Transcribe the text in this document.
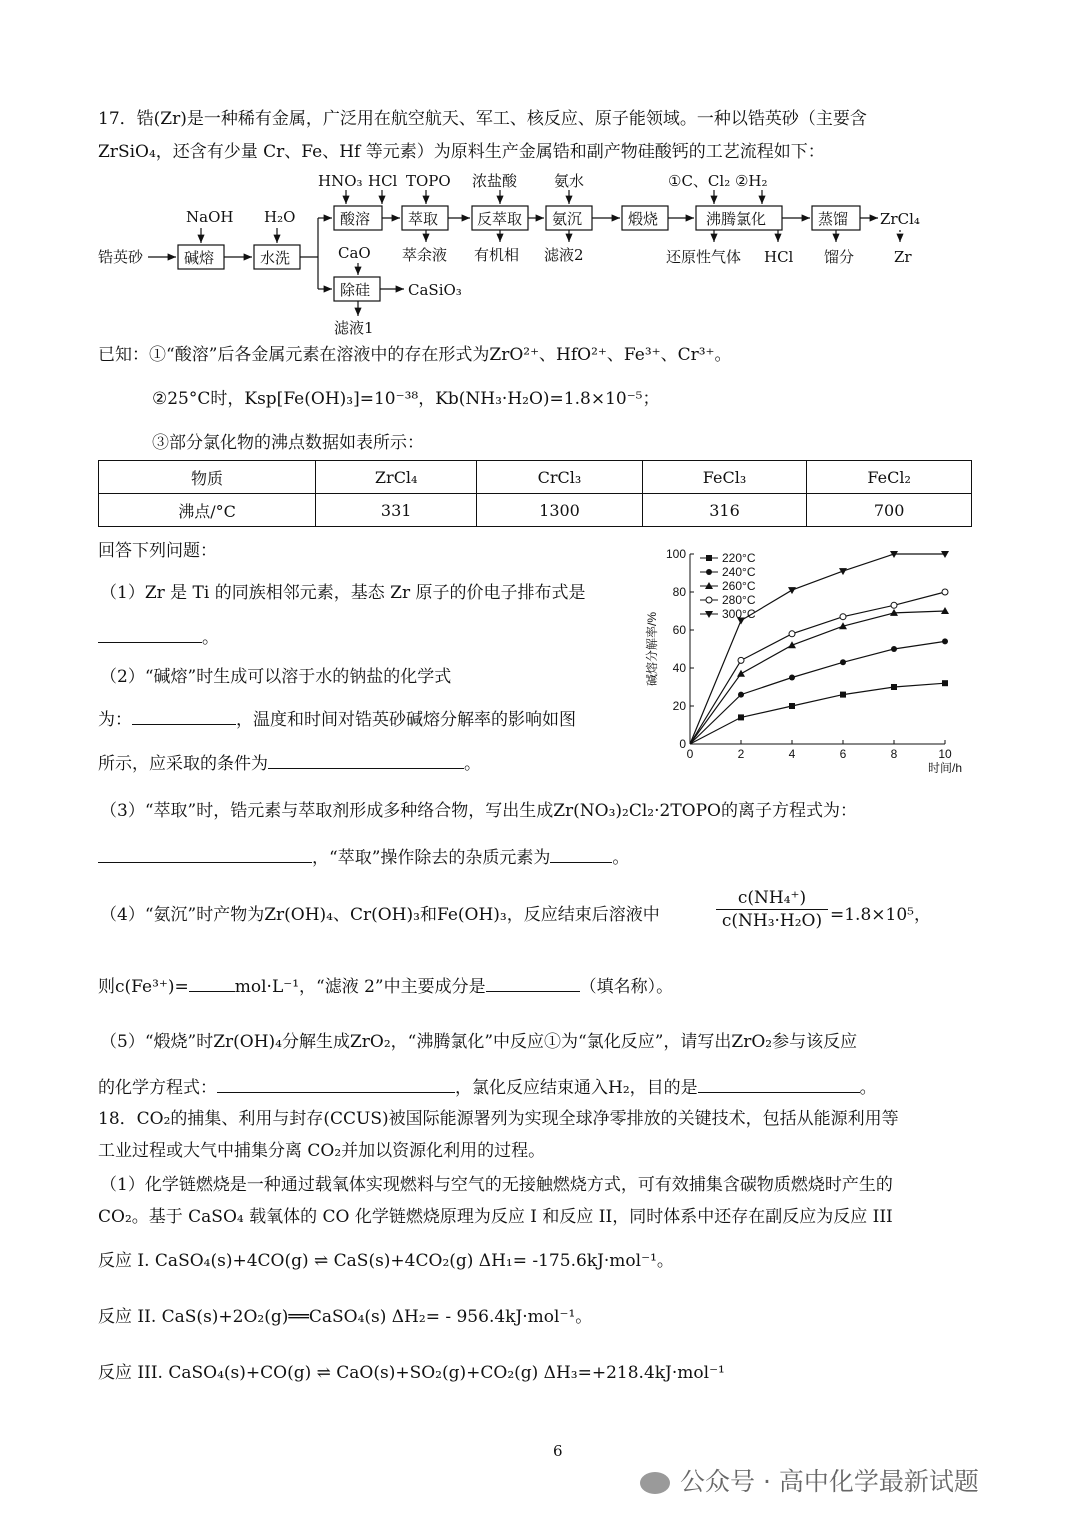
17．锆(Zr)是一种稀有金属，广泛用在航空航天、军工、核反应、原子能领域。一种以锆英砂（主要含
ZrSiO₄，还含有少量 Cr、Fe、Hf 等元素）为原料生产金属锆和副产物硅酸钙的工艺流程如下：
锆英砂	碱熔
NaOH
水洗
H₂O	酸溶
HNO₃ HCl
萃取
TOPO
萃余液
反萃取
浓盐酸
有机相
氨沉
氨水
滤液2
煅烧	沸腾氯化
①C、Cl₂ ②H₂
还原性气体 HCl
蒸馏
馏分
ZrCl₄
Zr
CaO
除硅	CaSiO₃
滤液1
已知：①“酸溶”后各金属元素在溶液中的存在形式为ZrO²⁺、HfO²⁺、Fe³⁺、Cr³⁺。
②25°C时，Ksp[Fe(OH)₃]=10⁻³⁸，Kb(NH₃·H₂O)=1.8×10⁻⁵；
③部分氯化物的沸点数据如表所示：
物质	ZrCl₄	CrCl₃	FeCl₃	FeCl₂
沸点/°C	331	1300	316	700
回答下列问题：
（1）Zr 是 Ti 的同族相邻元素，基态 Zr 原子的价电子排布式是
。
（2）“碱熔”时生成可以溶于水的钠盐的化学式
为：	，温度和时间对锆英砂碱熔分解率的影响如图
所示，应采取的条件为	。	0	2	4	6	8	10
0
20
40
60
80
100
时间/h
碱熔分解率/%
220°C
240°C
260°C
280°C
300°C
（3）“萃取”时，锆元素与萃取剂形成多种络合物，写出生成Zr(NO₃)₂Cl₂·2TOPO的离子方程式为：
，“萃取”操作除去的杂质元素为	。
（4）“氨沉”时产物为Zr(OH)₄、Cr(OH)₃和Fe(OH)₃，反应结束后溶液中	$\frac{\text{c(NH₄⁺)}}{\text{c(NH₃·H₂O)}} =1.8\times 10^5$，
则c(Fe³⁺)=	mol·L⁻¹，“滤液 2”中主要成分是	（填名称）。
（5）“煅烧”时Zr(OH)₄分解生成ZrO₂，“沸腾氯化”中反应①为“氯化反应”，请写出ZrO₂参与该反应
的化学方程式：	，氯化反应结束通入H₂，目的是	。
18．CO₂的捕集、利用与封存(CCUS)被国际能源署列为实现全球净零排放的关键技术，包括从能源利用等
工业过程或大气中捕集分离 CO₂并加以资源化利用的过程。
（1）化学链燃烧是一种通过载氧体实现燃料与空气的无接触燃烧方式，可有效捕集含碳物质燃烧时产生的
CO₂。基于 CaSO₄ 载氧体的 CO 化学链燃烧原理为反应 I 和反应 II，同时体系中还存在副反应为反应 III
反应 I. CaSO₄(s)+4CO(g) ⇌ CaS(s)+4CO₂(g) ΔH₁= -175.6kJ·mol⁻¹。
反应 II. CaS(s)+2O₂(g)══CaSO₄(s) ΔH₂= - 956.4kJ·mol⁻¹。
反应 III. CaSO₄(s)+CO(g) ⇌ CaO(s)+SO₂(g)+CO₂(g) ΔH₃=+218.4kJ·mol⁻¹
6
公众号 · 高中化学最新试题
